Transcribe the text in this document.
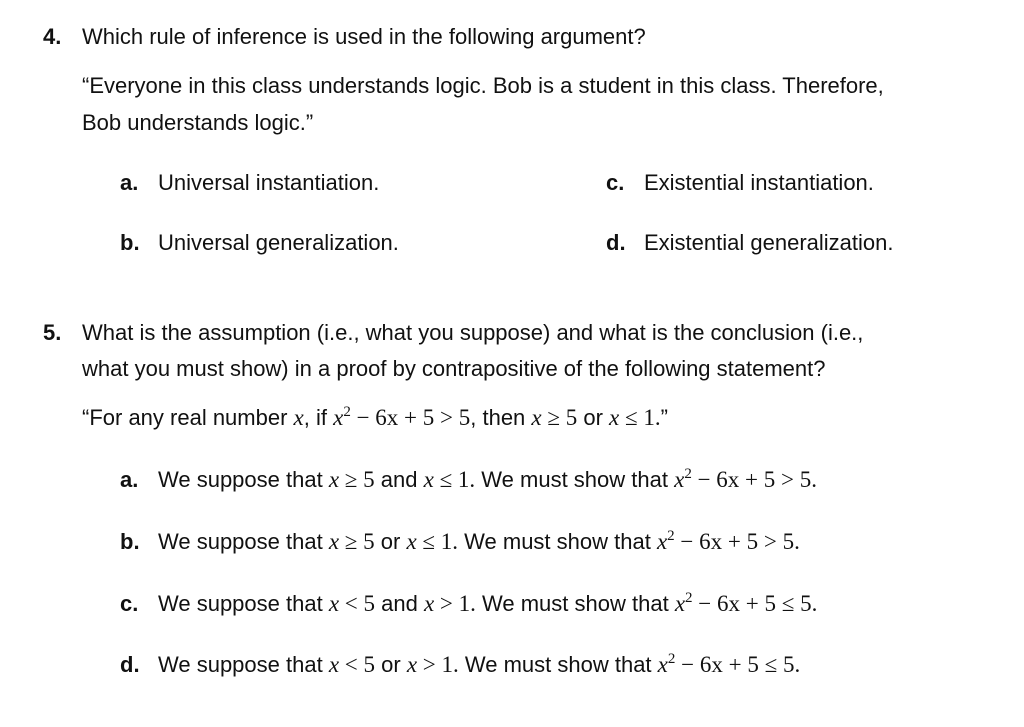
4. Which rule of inference is used in the following argument?
“Everyone in this class understands logic. Bob is a student in this class. Therefore,
Bob understands logic.”
a. Universal instantiation.
b. Universal generalization.
c. Existential instantiation.
d. Existential generalization.
5. What is the assumption (i.e., what you suppose) and what is the conclusion (i.e.,
what you must show) in a proof by contrapositive of the following statement?
“For any real number x, if $x^2 - 6x + 5 > 5$, then x ≥ 5 or x ≤ 1.”
a. We suppose that x ≥ 5 and x ≤ 1. We must show that $x^2 - 6x + 5 > 5$.
b. We suppose that x ≥ 5 or x ≤ 1. We must show that $x^2 - 6x + 5 > 5$.
c. We suppose that x < 5 and x > 1. We must show that $x^2 - 6x + 5 \le 5$.
d. We suppose that x < 5 or x > 1. We must show that $x^2 - 6x + 5 \le 5$.
